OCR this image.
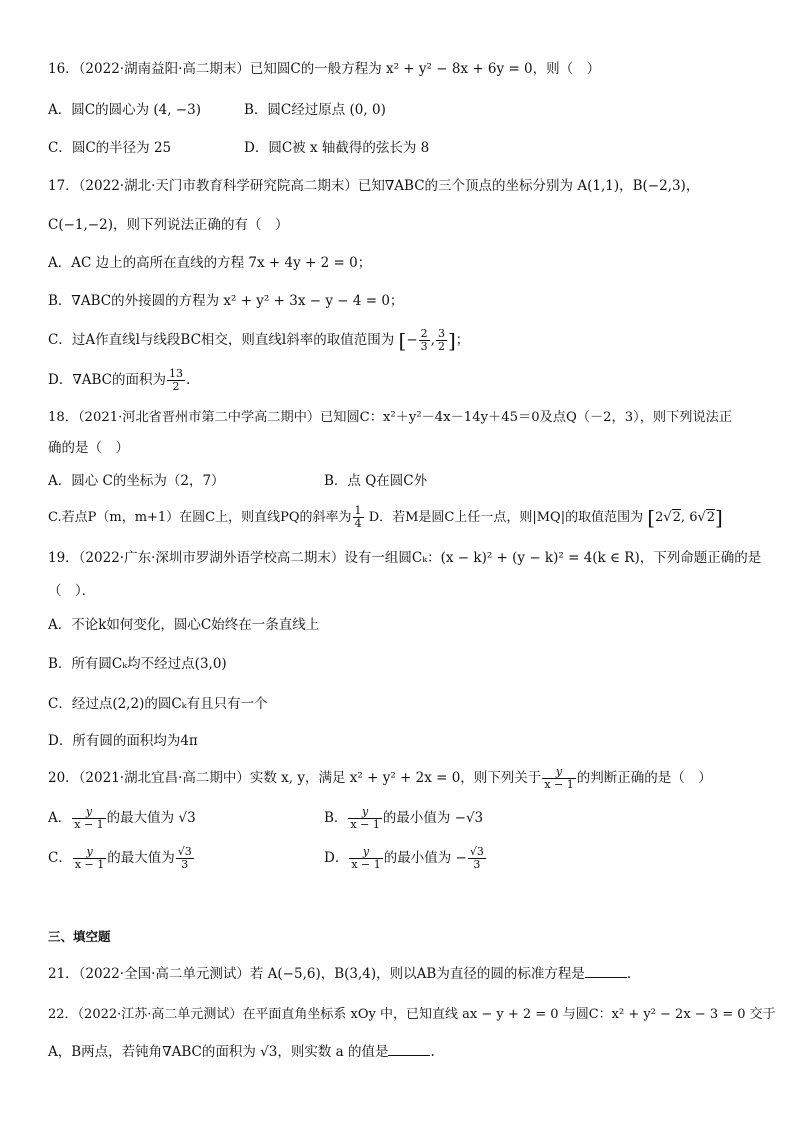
16．（2022·湖南益阳·高二期末）已知圆C的一般方程为 x² + y² − 8x + 6y = 0，则（　）
A．圆C的圆心为 (4, −3)	B．圆C经过原点 (0, 0)
C．圆C的半径为 25	D．圆C被 x 轴截得的弦长为 8
17．（2022·湖北·天门市教育科学研究院高二期末）已知∇ABC的三个顶点的坐标分别为 A(1,1)，B(−2,3)，
C(−1,−2)，则下列说法正确的有（　）
A．AC 边上的高所在直线的方程 7x + 4y + 2 = 0；
B．∇ABC的外接圆的方程为 x² + y² + 3x − y − 4 = 0；
C．过A作直线l与线段BC相交，则直线l斜率的取值范围为 [− $\frac{2}{3}$ , $\frac{3}{2}$ ]；
D．∇ABC的面积为 $\frac{13}{2}$ .
18．（2021·河北省晋州市第二中学高二期中）已知圆C：x²＋y²－4x－14y＋45＝0及点Q（－2，3），则下列说法正
确的是（　）
A．圆心 C的坐标为（2，7）	B．点 Q在圆C外
C.若点P（m，m+1）在圆C上，则直线PQ的斜率为 $\frac{1}{4}$ D．若M是圆C上任一点，则|MQ|的取值范围为 [2√2, 6√2]
19．（2022·广东·深圳市罗湖外语学校高二期末）设有一组圆Cₖ：(x − k)² + (y − k)² = 4(k ∈ R)，下列命题正确的是
（　）．
A．不论k如何变化，圆心C始终在一条直线上
B．所有圆Cₖ均不经过点(3,0)
C．经过点(2,2)的圆Cₖ有且只有一个
D．所有圆的面积均为4π
20．（2021·湖北宜昌·高二期中）实数 x, y，满足 x² + y² + 2x = 0，则下列关于 $\frac{y}{x - 1}$ 的判断正确的是（　）
A． $\frac{y}{x - 1}$ 的最大值为 √3	B． $\frac{y}{x - 1}$ 的最小值为 −√3
C． $\frac{y}{x - 1}$ 的最大值为 $\frac{√3}{3}$	D． $\frac{y}{x - 1}$ 的最小值为 − $\frac{√3}{3}$
三、填空题
21．（2022·全国·高二单元测试）若 A(−5,6)，B(3,4)，则以AB为直径的圆的标准方程是	.
22．（2022·江苏·高二单元测试）在平面直角坐标系 xOy 中，已知直线 ax − y + 2 = 0 与圆C：x² + y² − 2x − 3 = 0 交于
A，B两点，若钝角∇ABC的面积为 √3，则实数 a 的值是	.
